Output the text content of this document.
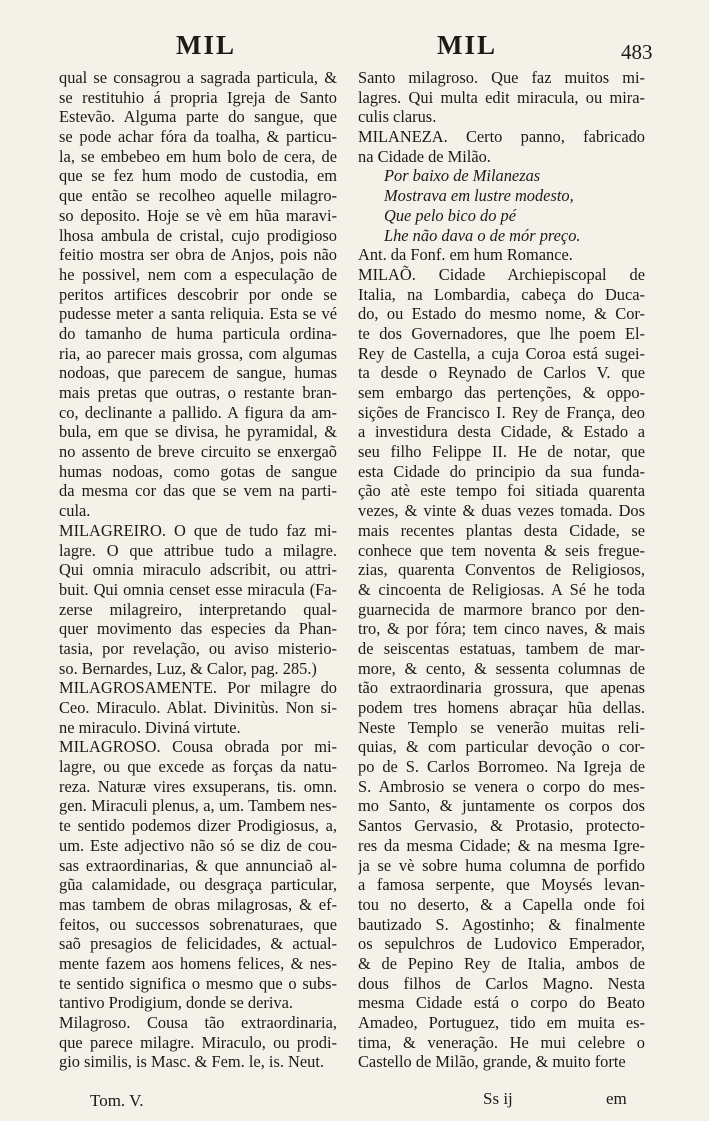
MIL	MIL	483
qual se consagrou a sagrada particula, &
se restituhio á propria Igreja de Santo
Estevão. Alguma parte do sangue, que
se pode achar fóra da toalha, & particu-
la, se embebeo em hum bolo de cera, de
que se fez hum modo de custodia, em
que então se recolheo aquelle milagro-
so deposito. Hoje se vè em hũa maravi-
lhosa ambula de cristal, cujo prodigioso
feitio mostra ser obra de Anjos, pois não
he possivel, nem com a especulação de
peritos artifices descobrir por onde se
pudesse meter a santa reliquia. Esta se vé
do tamanho de huma particula ordina-
ria, ao parecer mais grossa, com algumas
nodoas, que parecem de sangue, humas
mais pretas que outras, o restante bran-
co, declinante a pallido. A figura da am-
bula, em que se divisa, he pyramidal, &
no assento de breve circuito se enxergaõ
humas nodoas, como gotas de sangue
da mesma cor das que se vem na parti-
cula.
MILAGREIRO. O que de tudo faz mi-
lagre. O que attribue tudo a milagre.
Qui omnia miraculo adscribit, ou attri-
buit. Qui omnia censet esse miracula (Fa-
zerse milagreiro, interpretando qual-
quer movimento das especies da Phan-
tasia, por revelação, ou aviso misterio-
so. Bernardes, Luz, & Calor, pag. 285.)
MILAGROSAMENTE. Por milagre do
Ceo. Miraculo. Ablat. Divinitùs. Non si-
ne miraculo. Diviná virtute.
MILAGROSO. Cousa obrada por mi-
lagre, ou que excede as forças da natu-
reza. Naturæ vires exsuperans, tis. omn.
gen. Miraculi plenus, a, um. Tambem nes-
te sentido podemos dizer Prodigiosus, a,
um. Este adjectivo não só se diz de cou-
sas extraordinarias, & que annunciaõ al-
gũa calamidade, ou desgraça particular,
mas tambem de obras milagrosas, & ef-
feitos, ou successos sobrenaturaes, que
saõ presagios de felicidades, & actual-
mente fazem aos homens felices, & nes-
te sentido significa o mesmo que o subs-
tantivo Prodigium, donde se deriva.
Milagroso. Cousa tão extraordinaria,
que parece milagre. Miraculo, ou prodi-
gio similis, is Masc. & Fem. le, is. Neut.
Santo milagroso. Que faz muitos mi-
lagres. Qui multa edit miracula, ou mira-
culis clarus.
MILANEZA. Certo panno, fabricado
na Cidade de Milão.
Por baixo de Milanezas
Mostrava em lustre modesto,
Que pelo bico do pé
Lhe não dava o de mór preço.
Ant. da Fonf. em hum Romance.
MILAÕ. Cidade Archiepiscopal de
Italia, na Lombardia, cabeça do Duca-
do, ou Estado do mesmo nome, & Cor-
te dos Governadores, que lhe poem El-
Rey de Castella, a cuja Coroa está sugei-
ta desde o Reynado de Carlos V. que
sem embargo das pertenções, & oppo-
sições de Francisco I. Rey de França, deo
a investidura desta Cidade, & Estado a
seu filho Felippe II. He de notar, que
esta Cidade do principio da sua funda-
ção atè este tempo foi sitiada quarenta
vezes, & vinte & duas vezes tomada. Dos
mais recentes plantas desta Cidade, se
conhece que tem noventa & seis fregue-
zias, quarenta Conventos de Religiosos,
& cincoenta de Religiosas. A Sé he toda
guarnecida de marmore branco por den-
tro, & por fóra; tem cinco naves, & mais
de seiscentas estatuas, tambem de mar-
more, & cento, & sessenta columnas de
tão extraordinaria grossura, que apenas
podem tres homens abraçar hũa dellas.
Neste Templo se venerão muitas reli-
quias, & com particular devoção o cor-
po de S. Carlos Borromeo. Na Igreja de
S. Ambrosio se venera o corpo do mes-
mo Santo, & juntamente os corpos dos
Santos Gervasio, & Protasio, protecto-
res da mesma Cidade; & na mesma Igre-
ja se vè sobre huma columna de porfido
a famosa serpente, que Moysés levan-
tou no deserto, & a Capella onde foi
bautizado S. Agostinho; & finalmente
os sepulchros de Ludovico Emperador,
& de Pepino Rey de Italia, ambos de
dous filhos de Carlos Magno. Nesta
mesma Cidade está o corpo do Beato
Amadeo, Portuguez, tido em muita es-
tima, & veneração. He mui celebre o
Castello de Milão, grande, & muito forte
Tom. V.	Ss ij	em
